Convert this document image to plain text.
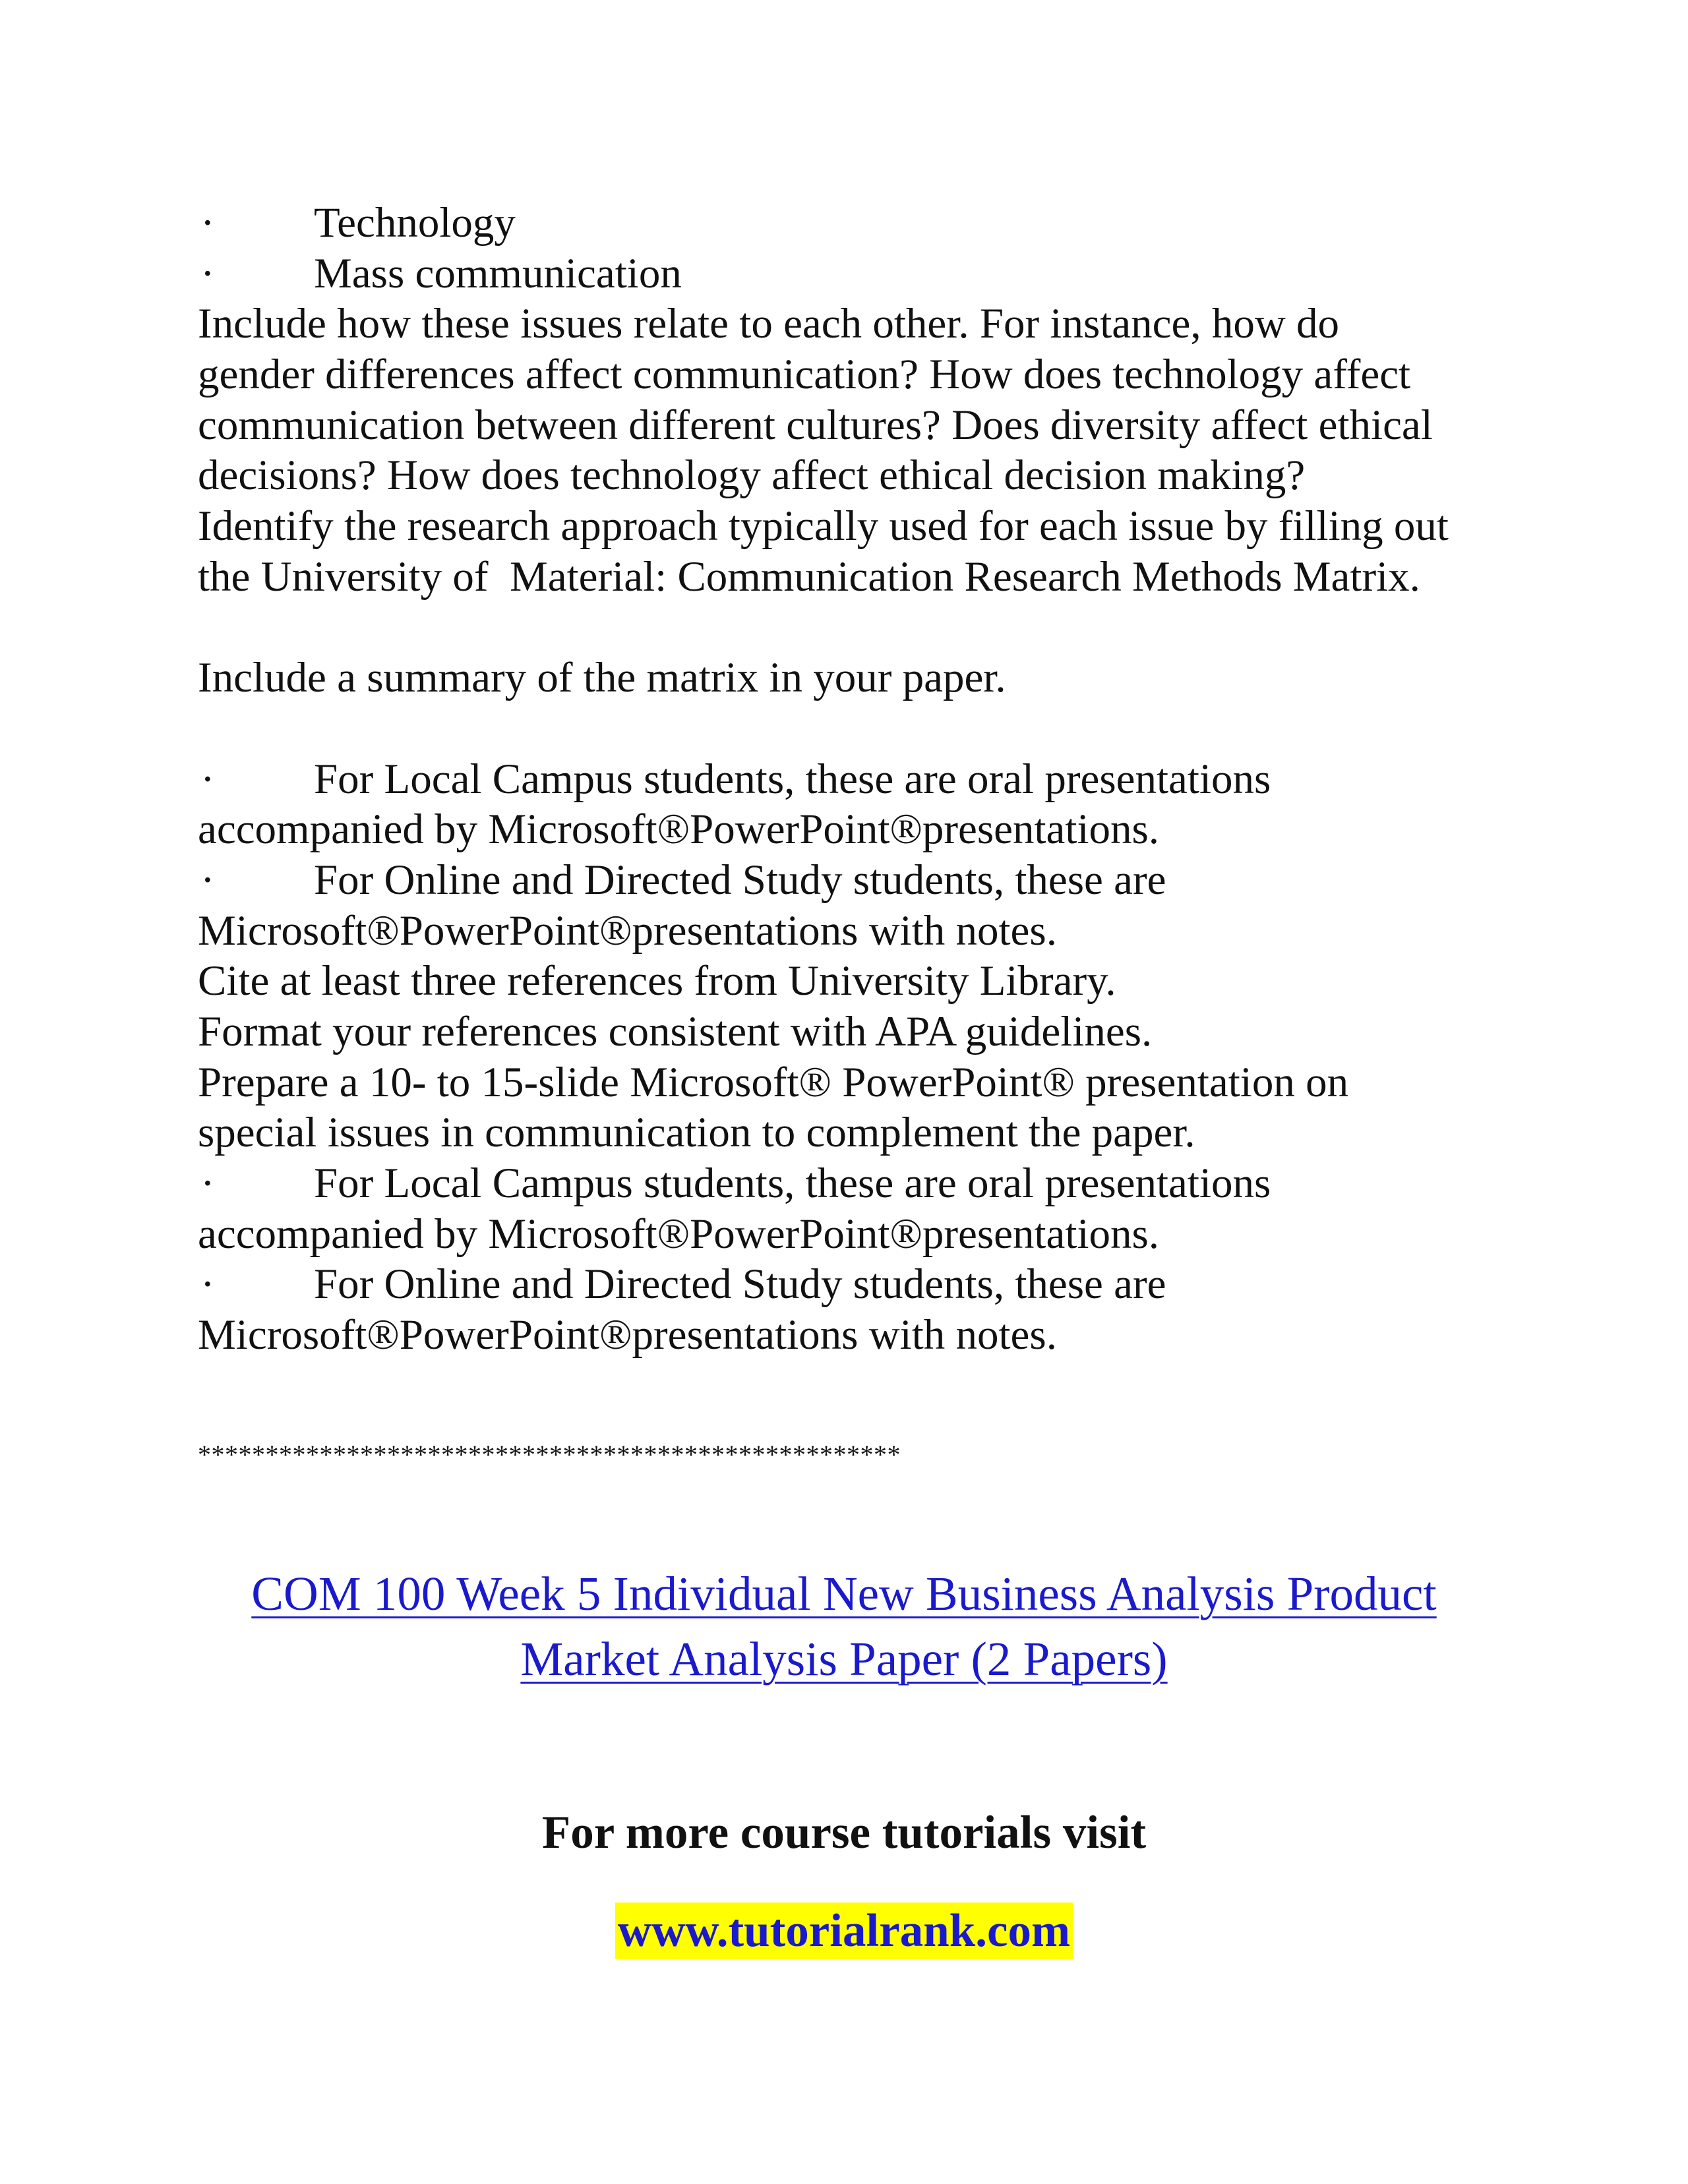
· Technology
· Mass communication
Include how these issues relate to each other. For instance, how do
gender differences affect communication? How does technology affect
communication between different cultures? Does diversity affect ethical
decisions? How does technology affect ethical decision making?
Identify the research approach typically used for each issue by filling out
the University of  Material: Communication Research Methods Matrix.
Include a summary of the matrix in your paper.
· For Local Campus students, these are oral presentations
accompanied by Microsoft®PowerPoint®presentations.
· For Online and Directed Study students, these are
Microsoft®PowerPoint®presentations with notes.
Cite at least three references from University Library.
Format your references consistent with APA guidelines.
Prepare a 10- to 15-slide Microsoft® PowerPoint® presentation on
special issues in communication to complement the paper.
· For Local Campus students, these are oral presentations
accompanied by Microsoft®PowerPoint®presentations.
· For Online and Directed Study students, these are
Microsoft®PowerPoint®presentations with notes.
****************************************************
COM 100 Week 5 Individual New Business Analysis Product
Market Analysis Paper (2 Papers)
For more course tutorials visit
www.tutorialrank.com
